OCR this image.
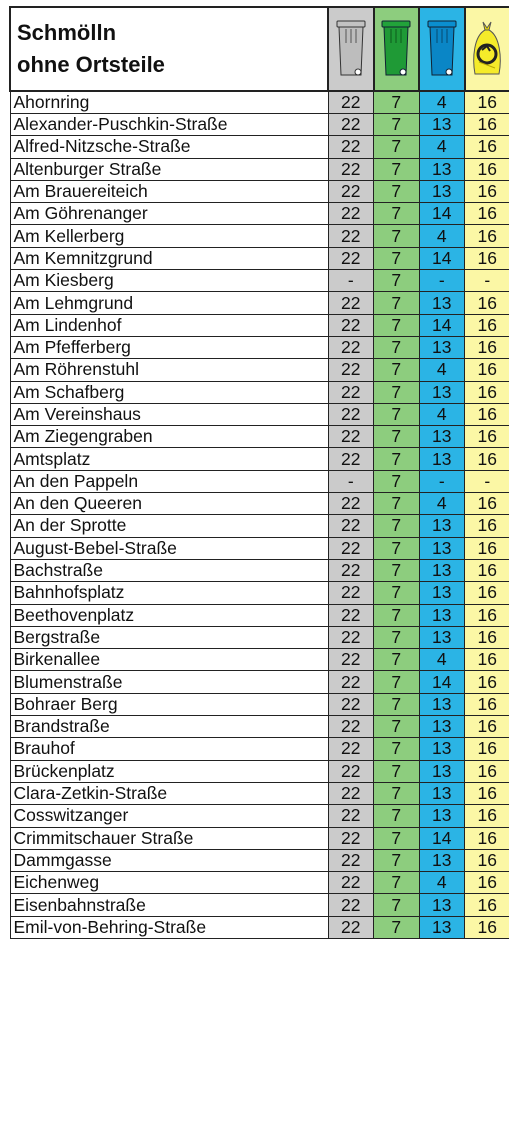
Schmölln
ohne Ortsteile

Ahornring	22	7	4	16
Alexander-Puschkin-Straße	22	7	13	16
Alfred-Nitzsche-Straße	22	7	4	16
Altenburger Straße	22	7	13	16
Am Brauereiteich	22	7	13	16
Am Göhrenanger	22	7	14	16
Am Kellerberg	22	7	4	16
Am Kemnitzgrund	22	7	14	16
Am Kiesberg	-	7	-	-
Am Lehmgrund	22	7	13	16
Am Lindenhof	22	7	14	16
Am Pfefferberg	22	7	13	16
Am Röhrenstuhl	22	7	4	16
Am Schafberg	22	7	13	16
Am Vereinshaus	22	7	4	16
Am Ziegengraben	22	7	13	16
Amtsplatz	22	7	13	16
An den Pappeln	-	7	-	-
An den Queeren	22	7	4	16
An der Sprotte	22	7	13	16
August-Bebel-Straße	22	7	13	16
Bachstraße	22	7	13	16
Bahnhofsplatz	22	7	13	16
Beethovenplatz	22	7	13	16
Bergstraße	22	7	13	16
Birkenallee	22	7	4	16
Blumenstraße	22	7	14	16
Bohraer Berg	22	7	13	16
Brandstraße	22	7	13	16
Brauhof	22	7	13	16
Brückenplatz	22	7	13	16
Clara-Zetkin-Straße	22	7	13	16
Cosswitzanger	22	7	13	16
Crimmitschauer Straße	22	7	14	16
Dammgasse	22	7	13	16
Eichenweg	22	7	4	16
Eisenbahnstraße	22	7	13	16
Emil-von-Behring-Straße	22	7	13	16
